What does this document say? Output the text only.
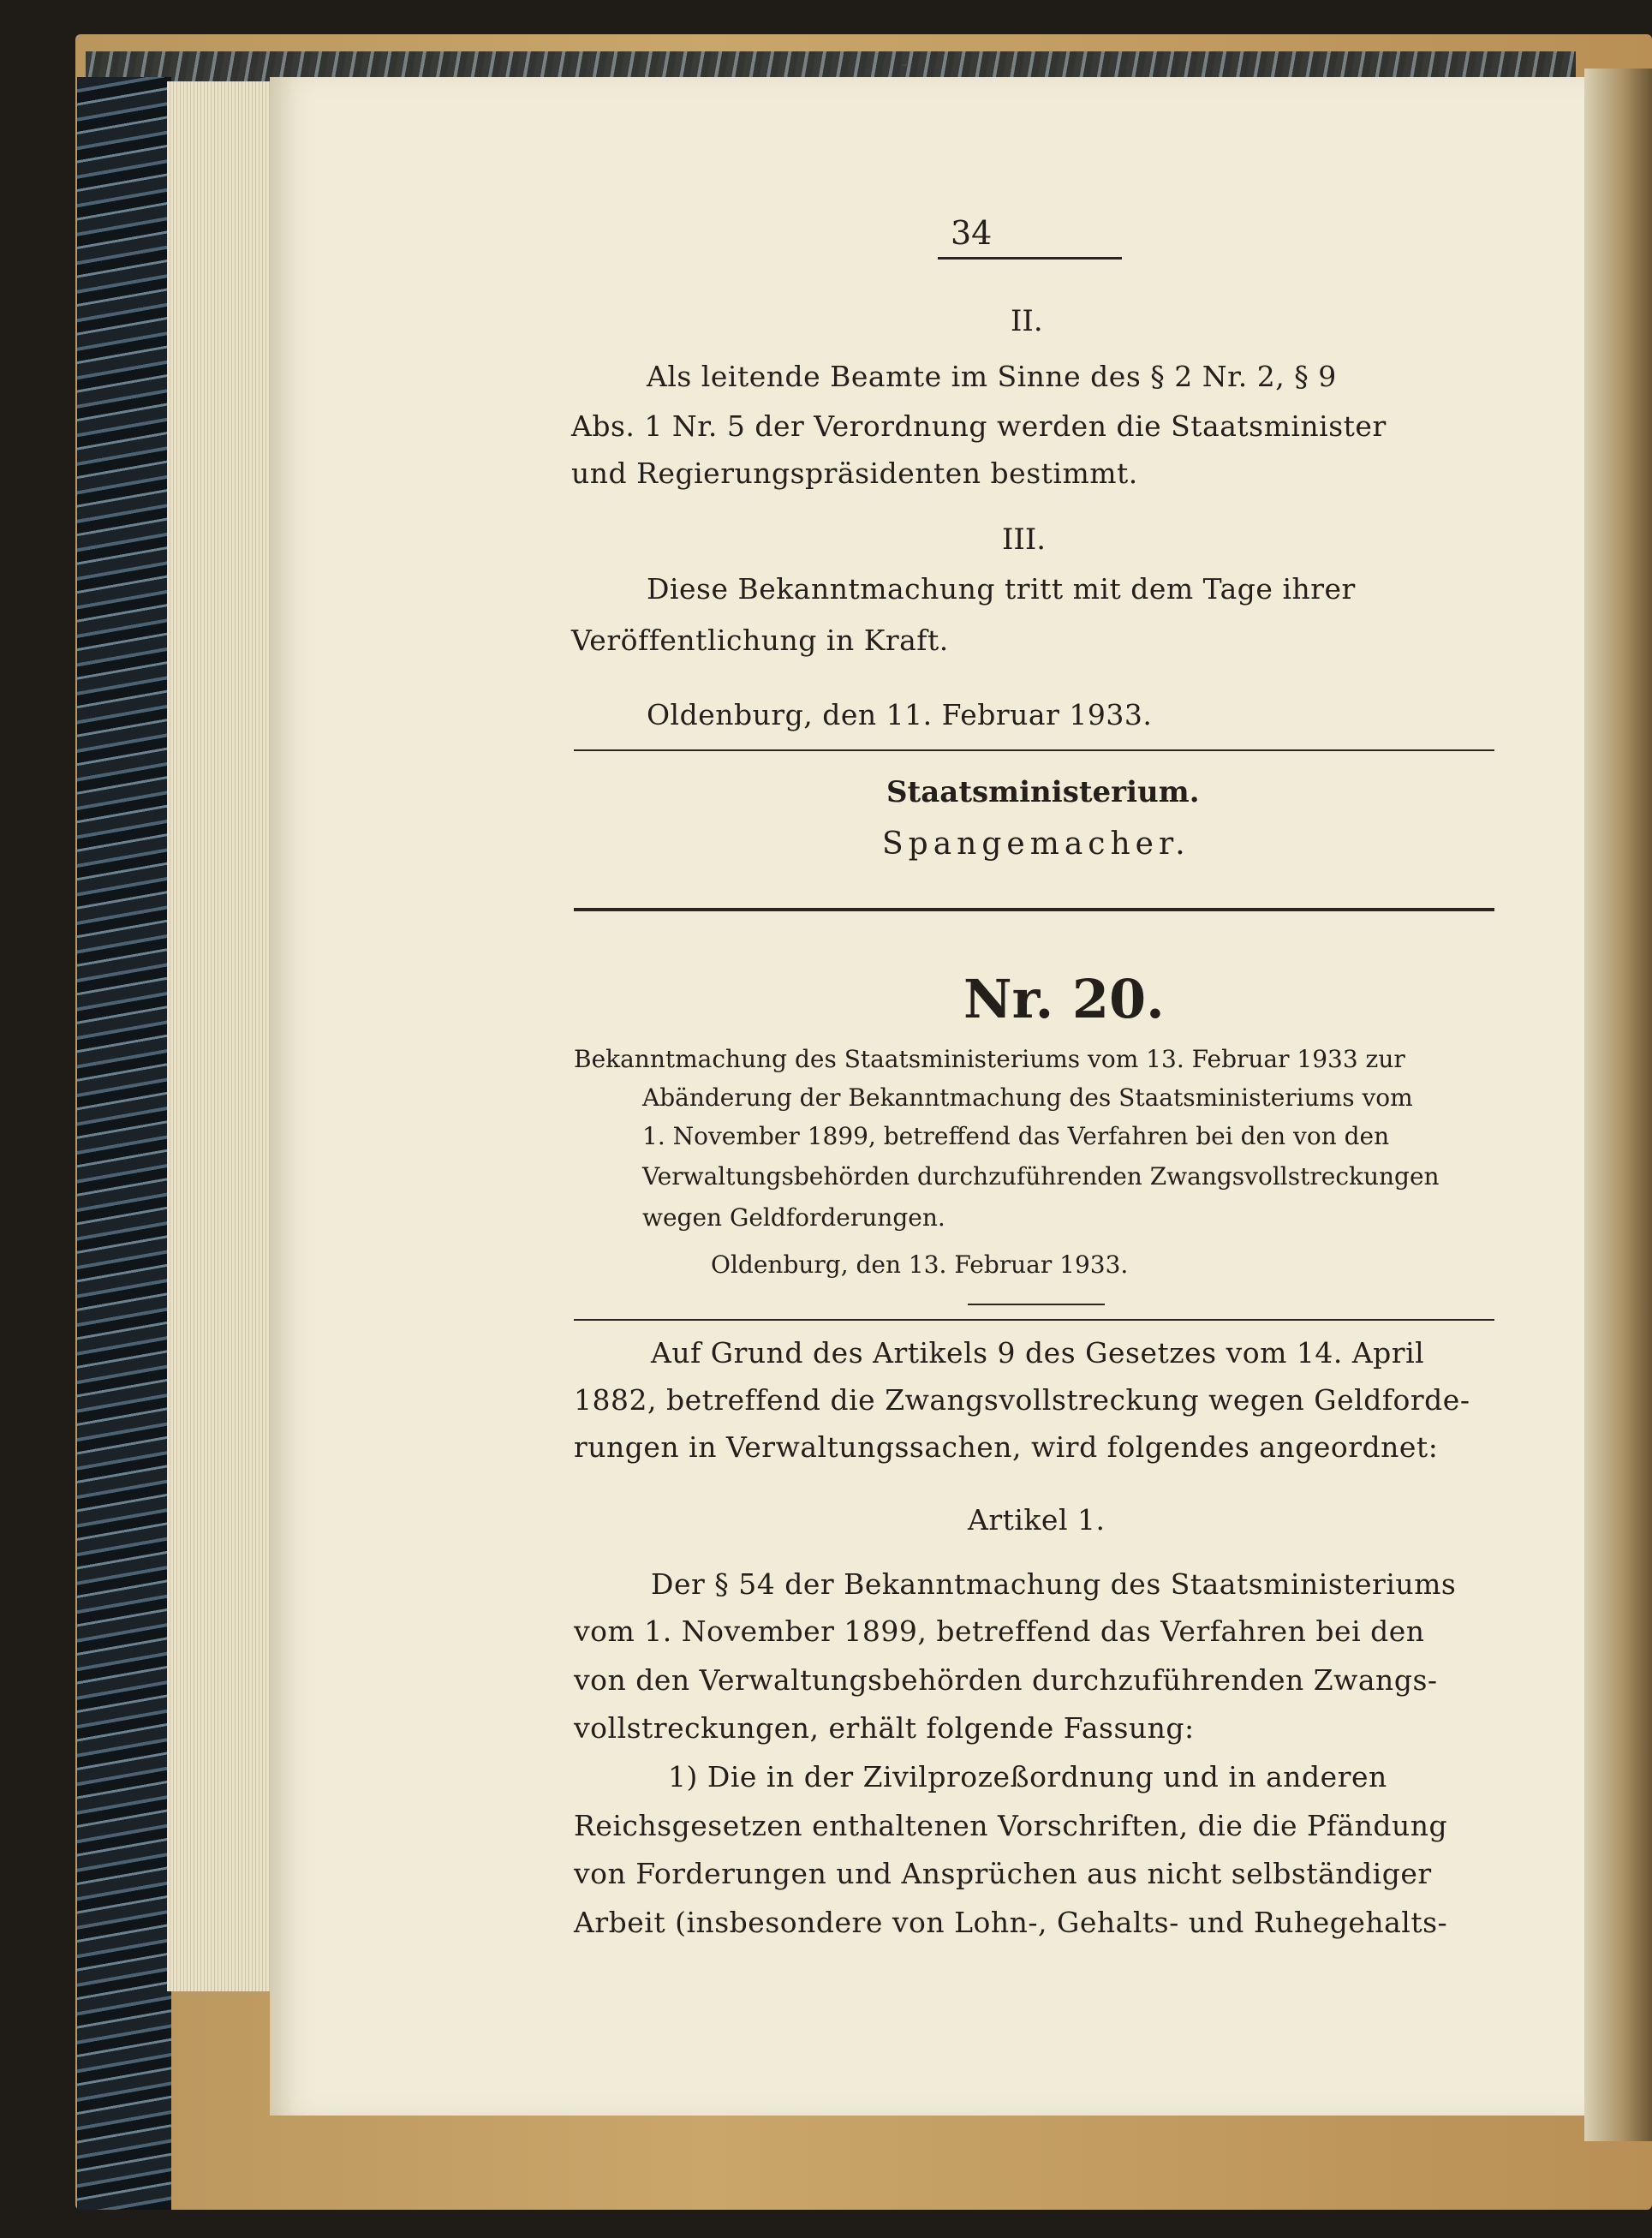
34
II.
Als leitende Beamte im Sinne des § 2 Nr. 2, § 9
Abs. 1 Nr. 5 der Verordnung werden die Staatsminister
und Regierungspräsidenten bestimmt.
III.
Diese Bekanntmachung tritt mit dem Tage ihrer
Veröffentlichung in Kraft.
Oldenburg, den 11. Februar 1933.
Staatsministerium.
Spangemacher.
Nr. 20.
Bekanntmachung des Staatsministeriums vom 13. Februar 1933 zur
Abänderung der Bekanntmachung des Staatsministeriums vom
1. November 1899, betreffend das Verfahren bei den von den
Verwaltungsbehörden durchzuführenden Zwangsvollstreckungen
wegen Geldforderungen.
Oldenburg, den 13. Februar 1933.
Auf Grund des Artikels 9 des Gesetzes vom 14. April
1882, betreffend die Zwangsvollstreckung wegen Geldforde-
rungen in Verwaltungssachen, wird folgendes angeordnet:
Artikel 1.
Der § 54 der Bekanntmachung des Staatsministeriums
vom 1. November 1899, betreffend das Verfahren bei den
von den Verwaltungsbehörden durchzuführenden Zwangs-
vollstreckungen, erhält folgende Fassung:
1) Die in der Zivilprozeßordnung und in anderen
Reichsgesetzen enthaltenen Vorschriften, die die Pfändung
von Forderungen und Ansprüchen aus nicht selbständiger
Arbeit (insbesondere von Lohn-, Gehalts- und Ruhegehalts-
